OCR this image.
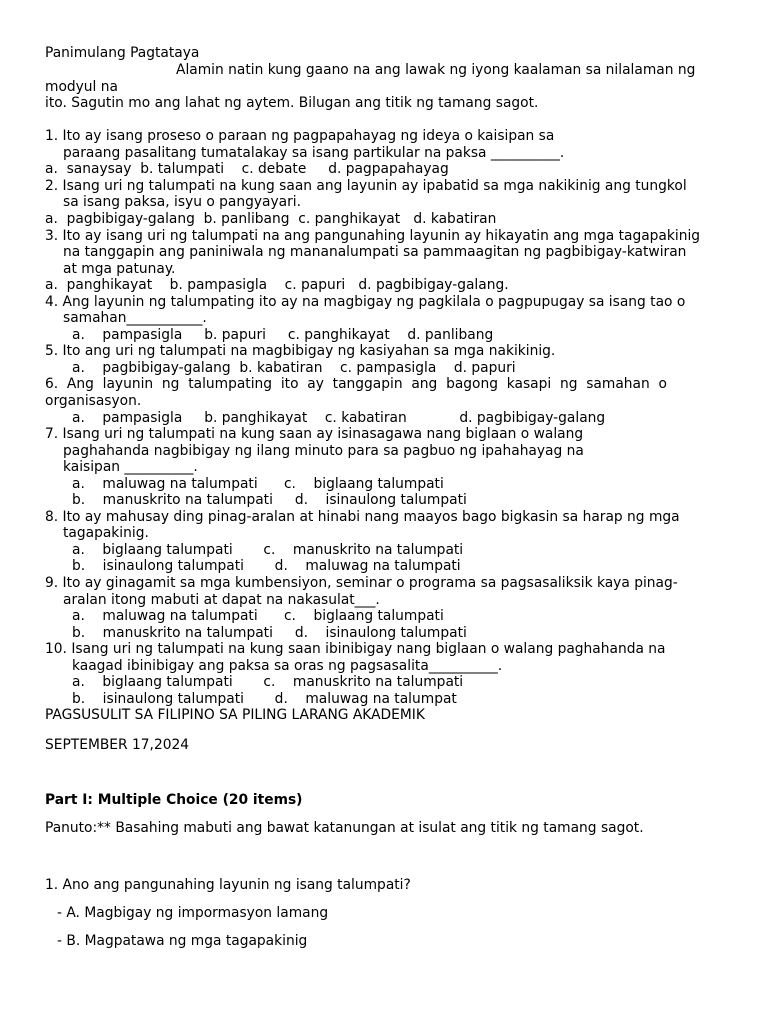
Panimulang Pagtataya
Alamin natin kung gaano na ang lawak ng iyong kaalaman sa nilalaman ng
modyul na
ito. Sagutin mo ang lahat ng aytem. Bilugan ang titik ng tamang sagot.
1. Ito ay isang proseso o paraan ng pagpapahayag ng ideya o kaisipan sa
paraang pasalitang tumatalakay sa isang partikular na paksa __________.
a.  sanaysay  b. talumpati    c. debate     d. pagpapahayag
2. Isang uri ng talumpati na kung saan ang layunin ay ipabatid sa mga nakikinig ang tungkol
sa isang paksa, isyu o pangyayari.
a.  pagbibigay-galang  b. panlibang  c. panghikayat   d. kabatiran
3. Ito ay isang uri ng talumpati na ang pangunahing layunin ay hikayatin ang mga tagapakinig
na tanggapin ang paniniwala ng mananalumpati sa pammaagitan ng pagbibigay-katwiran
at mga patunay.
a.  panghikayat    b. pampasigla    c. papuri   d. pagbibigay-galang.
4. Ang layunin ng talumpating ito ay na magbigay ng pagkilala o pagpupugay sa isang tao o
samahan___________.
a.    pampasigla     b. papuri     c. panghikayat    d. panlibang
5. Ito ang uri ng talumpati na magbibigay ng kasiyahan sa mga nakikinig.
a.    pagbibigay-galang  b. kabatiran    c. pampasigla    d. papuri
6.  Ang  layunin  ng  talumpating  ito  ay  tanggapin  ang  bagong  kasapi  ng  samahan  o
organisasyon.
a.    pampasigla     b. panghikayat    c. kabatiran            d. pagbibigay-galang
7. Isang uri ng talumpati na kung saan ay isinasagawa nang biglaan o walang
paghahanda nagbibigay ng ilang minuto para sa pagbuo ng ipahahayag na
kaisipan __________.
a.    maluwag na talumpati      c.    biglaang talumpati
b.    manuskrito na talumpati     d.    isinaulong talumpati
8. Ito ay mahusay ding pinag-aralan at hinabi nang maayos bago bigkasin sa harap ng mga
tagapakinig.
a.    biglaang talumpati       c.    manuskrito na talumpati
b.    isinaulong talumpati       d.    maluwag na talumpati
9. Ito ay ginagamit sa mga kumbensiyon, seminar o programa sa pagsasaliksik kaya pinag-
aralan itong mabuti at dapat na nakasulat___.
a.    maluwag na talumpati      c.    biglaang talumpati
b.    manuskrito na talumpati     d.    isinaulong talumpati
10. Isang uri ng talumpati na kung saan ibinibigay nang biglaan o walang paghahanda na
kaagad ibinibigay ang paksa sa oras ng pagsasalita__________.
a.    biglaang talumpati       c.    manuskrito na talumpati
b.    isinaulong talumpati       d.    maluwag na talumpat
PAGSUSULIT SA FILIPINO SA PILING LARANG AKADEMIK
SEPTEMBER 17,2024
Part I: Multiple Choice (20 items)
Panuto:** Basahing mabuti ang bawat katanungan at isulat ang titik ng tamang sagot.
1. Ano ang pangunahing layunin ng isang talumpati?
- A. Magbigay ng impormasyon lamang
- B. Magpatawa ng mga tagapakinig
